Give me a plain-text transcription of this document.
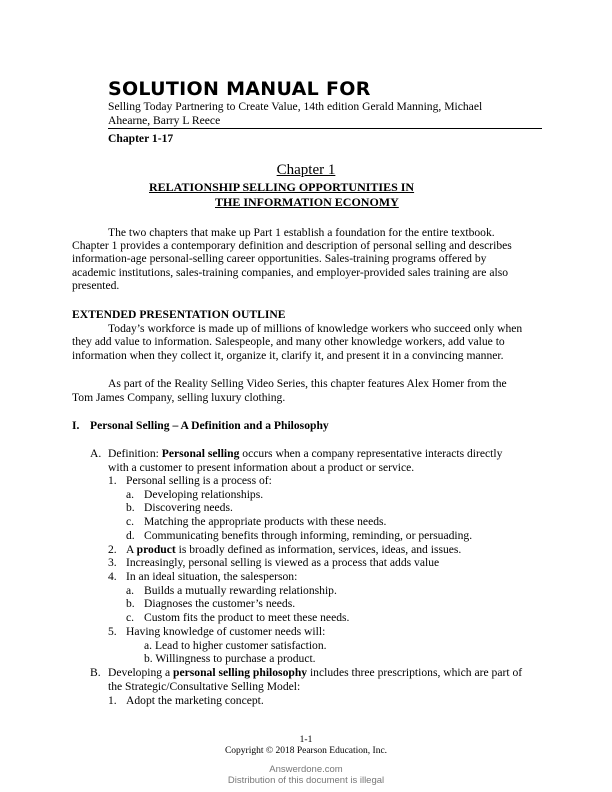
SOLUTION MANUAL FOR
Selling Today Partnering to Create Value, 14th edition Gerald Manning, Michael
Ahearne, Barry L Reece
Chapter 1-17
Chapter 1
RELATIONSHIP SELLING OPPORTUNITIES IN
THE INFORMATION ECONOMY
The two chapters that make up Part 1 establish a foundation for the entire textbook.
Chapter 1 provides a contemporary definition and description of personal selling and describes
information-age personal-selling career opportunities. Sales-training programs offered by
academic institutions, sales-training companies, and employer-provided sales training are also
presented.
EXTENDED PRESENTATION OUTLINE
Today’s workforce is made up of millions of knowledge workers who succeed only when
they add value to information. Salespeople, and many other knowledge workers, add value to
information when they collect it, organize it, clarify it, and present it in a convincing manner.
As part of the Reality Selling Video Series, this chapter features Alex Homer from the
Tom James Company, selling luxury clothing.
I. Personal Selling – A Definition and a Philosophy
A. Definition: Personal selling occurs when a company representative interacts directly
with a customer to present information about a product or service.
1. Personal selling is a process of:
a. Developing relationships.
b. Discovering needs.
c. Matching the appropriate products with these needs.
d. Communicating benefits through informing, reminding, or persuading.
2. A product is broadly defined as information, services, ideas, and issues.
3. Increasingly, personal selling is viewed as a process that adds value
4. In an ideal situation, the salesperson:
a. Builds a mutually rewarding relationship.
b. Diagnoses the customer’s needs.
c. Custom fits the product to meet these needs.
5. Having knowledge of customer needs will:
a. Lead to higher customer satisfaction.
b. Willingness to purchase a product.
B. Developing a personal selling philosophy includes three prescriptions, which are part of
the Strategic/Consultative Selling Model:
1. Adopt the marketing concept.
1-1
Copyright © 2018 Pearson Education, Inc.
Answerdone.com
Distribution of this document is illegal
